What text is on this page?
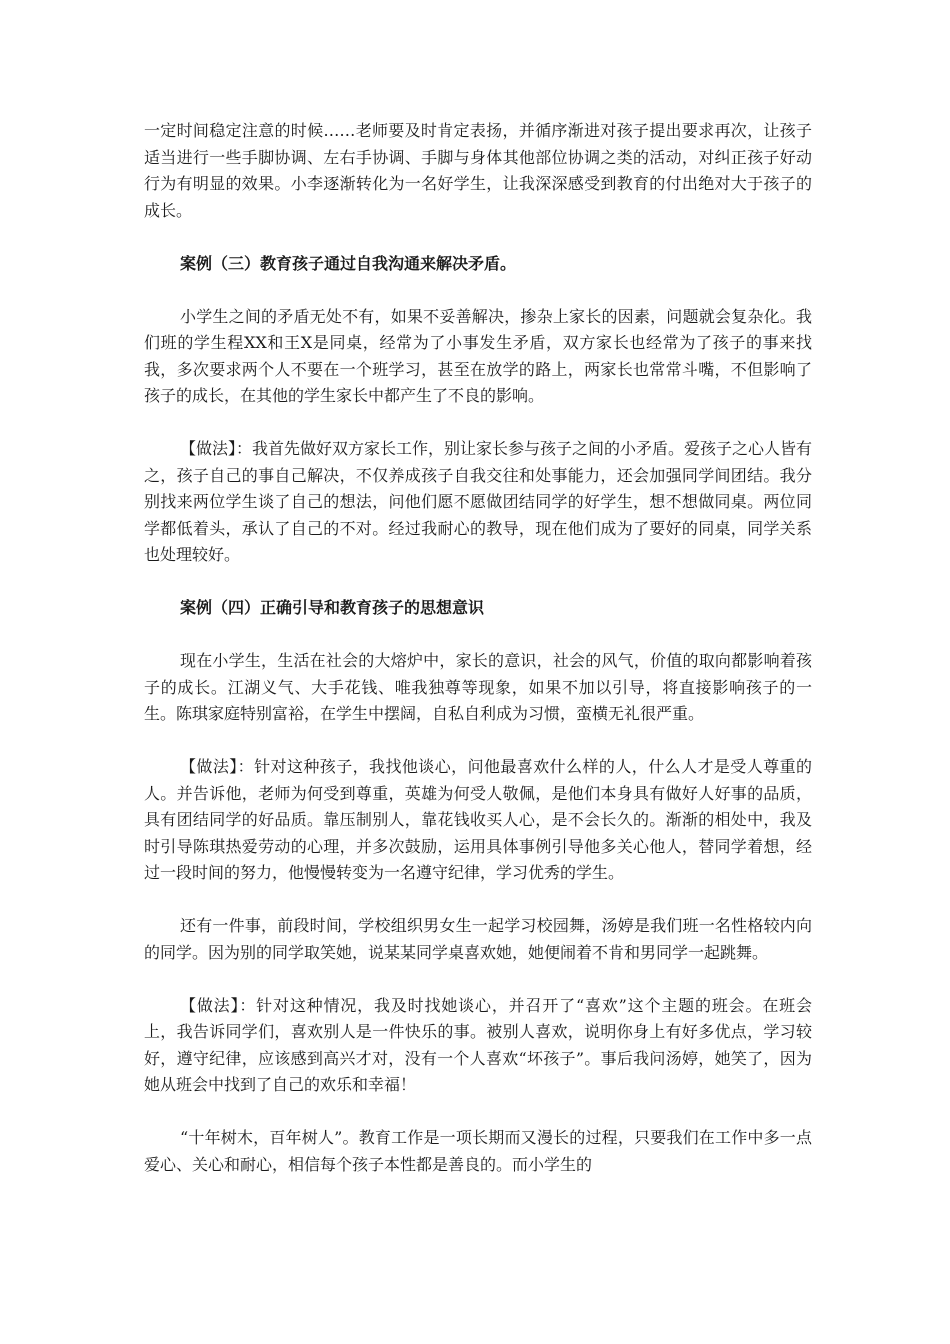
一定时间稳定注意的时候……老师要及时肯定表扬，并循序渐进对孩子提出要求再次，让孩子适当进行一些手脚协调、左右手协调、手脚与身体其他部位协调之类的活动，对纠正孩子好动行为有明显的效果。小李逐渐转化为一名好学生，让我深深感受到教育的付出绝对大于孩子的成长。

案例（三）教育孩子通过自我沟通来解决矛盾。

小学生之间的矛盾无处不有，如果不妥善解决，掺杂上家长的因素，问题就会复杂化。我们班的学生程XX和王X是同桌，经常为了小事发生矛盾，双方家长也经常为了孩子的事来找我，多次要求两个人不要在一个班学习，甚至在放学的路上，两家长也常常斗嘴，不但影响了孩子的成长，在其他的学生家长中都产生了不良的影响。

【做法】：我首先做好双方家长工作，别让家长参与孩子之间的小矛盾。爱孩子之心人皆有之，孩子自己的事自己解决，不仅养成孩子自我交往和处事能力，还会加强同学间团结。我分别找来两位学生谈了自己的想法，问他们愿不愿做团结同学的好学生，想不想做同桌。两位同学都低着头，承认了自己的不对。经过我耐心的教导，现在他们成为了要好的同桌，同学关系也处理较好。

案例（四）正确引导和教育孩子的思想意识

现在小学生，生活在社会的大熔炉中，家长的意识，社会的风气，价值的取向都影响着孩子的成长。江湖义气、大手花钱、唯我独尊等现象，如果不加以引导，将直接影响孩子的一生。陈琪家庭特别富裕，在学生中摆阔，自私自利成为习惯，蛮横无礼很严重。

【做法】：针对这种孩子，我找他谈心，问他最喜欢什么样的人，什么人才是受人尊重的人。并告诉他，老师为何受到尊重，英雄为何受人敬佩，是他们本身具有做好人好事的品质，具有团结同学的好品质。靠压制别人，靠花钱收买人心，是不会长久的。渐渐的相处中，我及时引导陈琪热爱劳动的心理，并多次鼓励，运用具体事例引导他多关心他人，替同学着想，经过一段时间的努力，他慢慢转变为一名遵守纪律，学习优秀的学生。

还有一件事，前段时间，学校组织男女生一起学习校园舞，汤婷是我们班一名性格较内向的同学。因为别的同学取笑她，说某某同学桌喜欢她，她便闹着不肯和男同学一起跳舞。

【做法】：针对这种情况，我及时找她谈心，并召开了“喜欢”这个主题的班会。在班会上，我告诉同学们，喜欢别人是一件快乐的事。被别人喜欢，说明你身上有好多优点，学习较好，遵守纪律，应该感到高兴才对，没有一个人喜欢“坏孩子”。事后我问汤婷，她笑了，因为她从班会中找到了自己的欢乐和幸福！

“十年树木，百年树人”。教育工作是一项长期而又漫长的过程，只要我们在工作中多一点爱心、关心和耐心，相信每个孩子本性都是善良的。而小学生的
